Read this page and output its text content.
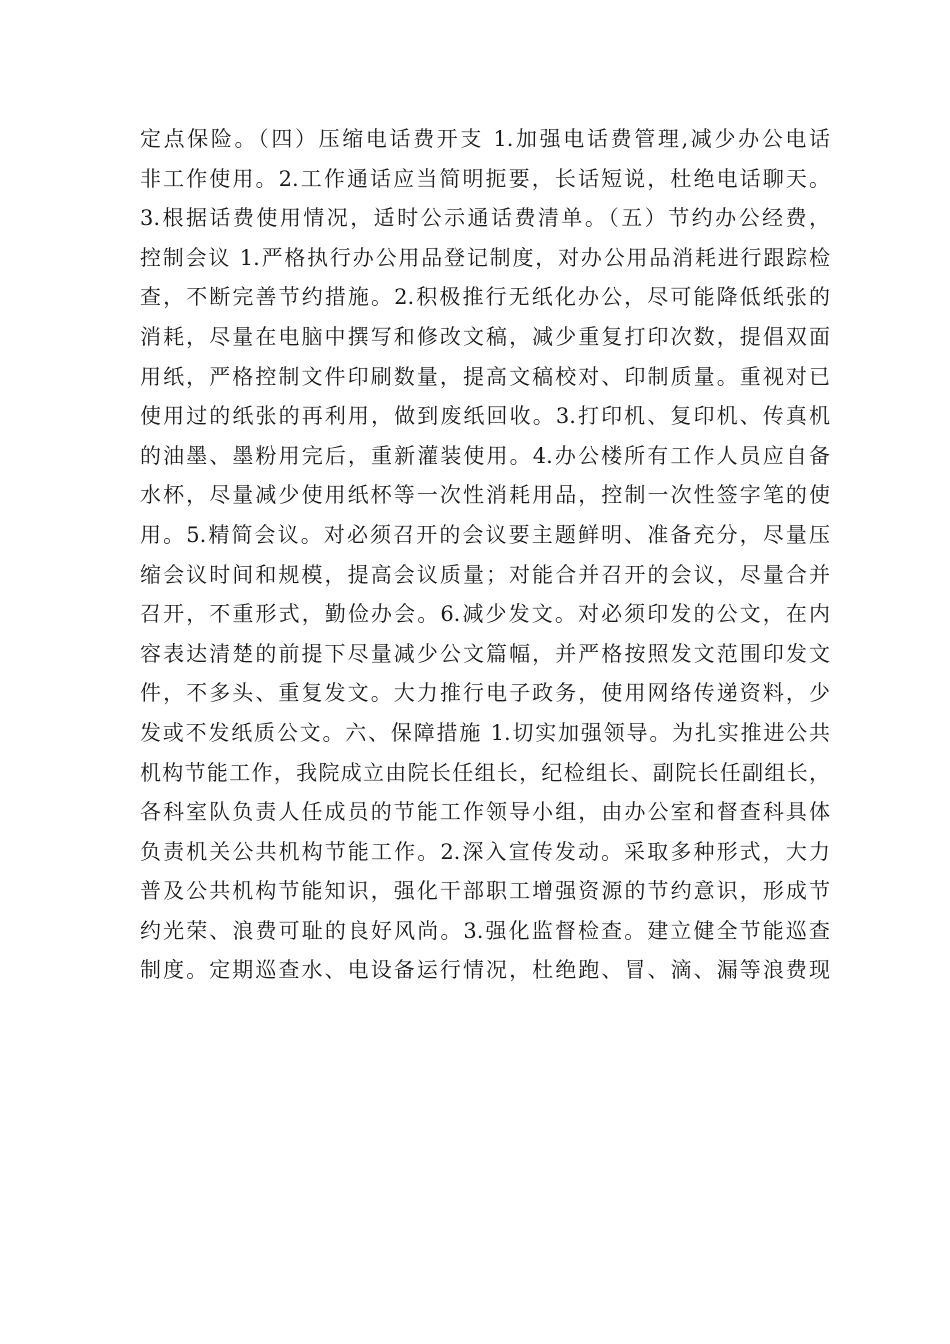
定点保险。（四）压缩电话费开支 1.加强电话费管理,减少办公电话
非工作使用。2.工作通话应当简明扼要，长话短说，杜绝电话聊天。
3.根据话费使用情况，适时公示通话费清单。（五）节约办公经费，
控制会议 1.严格执行办公用品登记制度，对办公用品消耗进行跟踪检
查，不断完善节约措施。2.积极推行无纸化办公，尽可能降低纸张的
消耗，尽量在电脑中撰写和修改文稿，减少重复打印次数，提倡双面
用纸，严格控制文件印刷数量，提高文稿校对、印制质量。重视对已
使用过的纸张的再利用，做到废纸回收。3.打印机、复印机、传真机
的油墨、墨粉用完后，重新灌装使用。4.办公楼所有工作人员应自备
水杯，尽量减少使用纸杯等一次性消耗用品，控制一次性签字笔的使
用。5.精简会议。对必须召开的会议要主题鲜明、准备充分，尽量压
缩会议时间和规模，提高会议质量；对能合并召开的会议，尽量合并
召开，不重形式，勤俭办会。6.减少发文。对必须印发的公文，在内
容表达清楚的前提下尽量减少公文篇幅，并严格按照发文范围印发文
件，不多头、重复发文。大力推行电子政务，使用网络传递资料，少
发或不发纸质公文。六、保障措施 1.切实加强领导。为扎实推进公共
机构节能工作，我院成立由院长任组长，纪检组长、副院长任副组长，
各科室队负责人任成员的节能工作领导小组，由办公室和督查科具体
负责机关公共机构节能工作。2.深入宣传发动。采取多种形式，大力
普及公共机构节能知识，强化干部职工增强资源的节约意识，形成节
约光荣、浪费可耻的良好风尚。3.强化监督检查。建立健全节能巡查
制度。定期巡查水、电设备运行情况，杜绝跑、冒、滴、漏等浪费现
